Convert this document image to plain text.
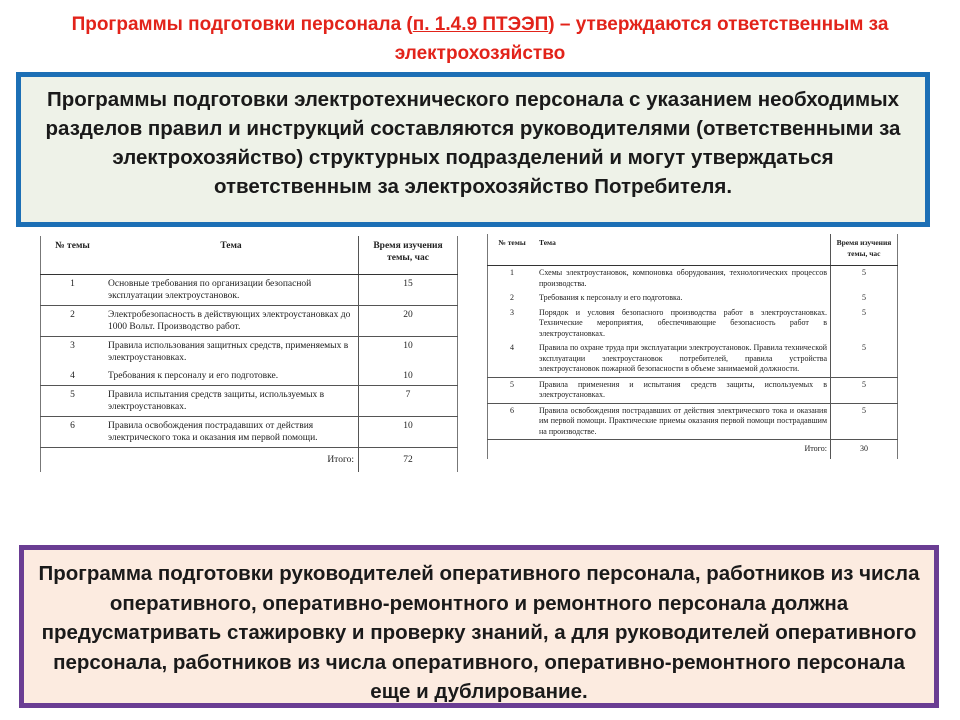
Программы подготовки персонала (п. 1.4.9 ПТЭЭП) – утверждаются ответственным за электрохозяйство
Программы подготовки электротехнического персонала с указанием необходимых разделов правил и инструкций составляются руководителями (ответственными за электрохозяйство) структурных подразделений и могут утверждаться ответственным за электрохозяйство Потребителя.
№ темы	Тема	Время изучения темы, час
1	Основные требования по организации безопасной эксплуатации электроустановок.	15
2	Электробезопасность в действующих электроустановках до 1000 Вольт. Производство работ.	20
3	Правила использования защитных средств, применяемых в электроустановках.	10
4	Требования к персоналу и его подготовке.	10
5	Правила испытания средств защиты, используемых в электроустановках.	7
6	Правила освобождения пострадавших от действия электрического тока и оказания им первой помощи.	10
	Итого:	72
№ темы	Тема	Время изучения темы, час
1	Схемы электроустановок, компоновка оборудования, технологических процессов производства.	5
2	Требования к персоналу и его подготовка.	5
3	Порядок и условия безопасного производства работ в электроустановках. Технические мероприятия, обеспечивающие безопасность работ в электроустановках.	5
4	Правила по охране труда при эксплуатации электроустановок. Правила технической эксплуатации электроустановок потребителей, правила устройства электроустановок пожарной безопасности в объеме занимаемой должности.	5
5	Правила применения и испытания средств защиты, используемых в электроустановках.	5
6	Правила освобождения пострадавших от действия электрического тока и оказания им первой помощи. Практические приемы оказания первой помощи пострадавшим на производстве.	5
	Итого:	30
Программа подготовки руководителей оперативного персонала, работников из числа оперативного, оперативно-ремонтного и ремонтного персонала должна предусматривать стажировку и проверку знаний, а для руководителей оперативного персонала, работников из числа оперативного, оперативно-ремонтного персонала еще и дублирование.
